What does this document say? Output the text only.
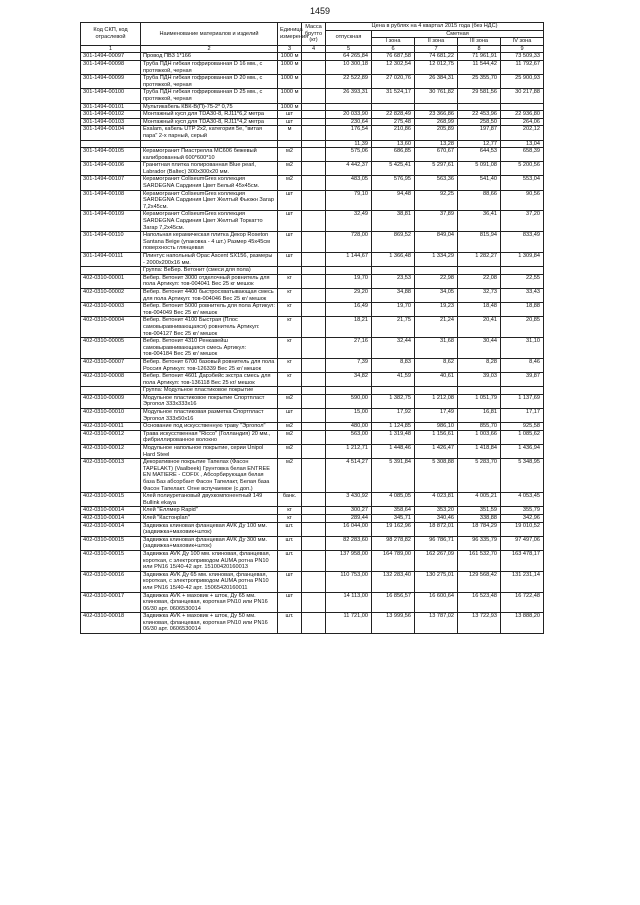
1459
Код СКП, код отраслевой	Наименование материалов и изделий	Единица измерения	Масса брутто (кг)	Цена в рублях на 4 квартал 2015 года (без НДС)				
				отпускная	Сметная			
					I зона	II зона	III зона	IV зона
1	2	3	4	5	6	7	8	9
301-1494-00097	Провод ПВ3 1*166	1000 м		64 265,84	76 687,58	74 681,22	71 961,91	73 509,33
301-1494-00098	Труба ПДН гибкая гофрированная D 16 мм., с протяжкой, черная	1000 м		10 300,18	12 302,54	12 012,75	11 544,42	11 792,67
301-1494-00099	Труба ПДН гибкая гофрированная D 20 мм., с протяжкой, черная	1000 м		22 522,89	27 020,76	26 384,31	25 355,70	25 900,93
301-1494-00100	Труба ПДН гибкая гофрированная D 25 мм., с протяжкой, черная	1000 м		26 393,31	31 524,17	30 761,82	29 581,56	30 217,88
301-1494-00101	Мультикабель КВК-В(П)-75-2* 0,75	1000 м						
301-1494-00102	Монтажный кусп для TDA30-8, RJ11*6,2 метра	шт		20 033,90	22 828,49	23 366,86	22 453,96	22 936,80
301-1494-00103	Монтажный кусп для TDA30-8, RJ11*4,2 метра	шт		230,64	275,48	268,99	258,50	264,06
301-1494-00104	Exalam, кабель UTP 2x2, категория 5е, "витая пара" 2-х парный, серый	м		176,54	210,86	205,89	197,87	202,12
				11,39	13,60	13,28	12,77	13,04
301-1494-00105	Керамогранит Пиастрелла MC606 бежевый калиброванный 600*600*10	м2		575,06	686,85	670,67	644,53	658,39
301-1494-00106	Гранитная плитка полированная Blue pearl, Labrador (Baltec) 300x300x20 мм.	м2		4 442,37	5 425,41	5 297,61	5 091,08	5 200,56
301-1494-00107	Керамогранит ColiseumGres коллекция SARDEGNA Сардиния Цвет Белый 45х45см.	м2		483,05	576,95	563,36	541,40	553,04
301-1494-00108	Керамогранит ColiseumGres коллекция SARDEGNA Сардиния Цвет Желтый Фьюжн Загар 7,2х45см.	шт		79,10	94,48	92,25	88,66	90,56
301-1494-00109	Керамогранит ColiseumGres коллекция SARDEGNA Сардиния Цвет Желтый Торкатто Загар 7,2х45см.	шт		32,49	38,81	37,89	36,41	37,20
301-1494-00110	Напольная керамическая плитка Декор Roseton Santana Beige (упаковка - 4 шт.) Размер 45х45см поверхность глянцевая	шт		728,00	869,52	849,04	815,94	833,49
301-1494-00111	Плинтус напольный Opac Ascent SX156, размеры - 2000x200x16 мм.	шт		1 144,67	1 366,48	1 334,29	1 282,27	1 309,84
	Группа: ВеБер. Ветонит (смеси для пола)							
402-0310-00001	Вебер. Ветонит 3000 отделочный ровнитель для пола Артикул: тов-004041 Вес 25 кг мешок	кг		19,70	23,53	22,98	22,08	22,55
402-0310-00002	Вебер. Ветонит 4400 быстросхватывающая смесь для пола Артикул: тов-004046 Вес 25 кг/ мешок	кг		29,20	34,88	34,05	32,73	33,43
402-0310-00003	Вебер. Ветонит 5000 ровнитель для пола Артикул: тов-004049 Вес 25 кг/ мешок	кг		16,49	19,70	19,23	18,48	18,88
402-0310-00004	Вебер. Ветонит 4100 Быстрая (Плос самовыравнивающаяся) ровнитель Артикул: тов-004127 Вес 25 кг/ мешок	кг		18,21	21,75	21,24	20,41	20,85
402-0310-00005	Вебер. Ветонит 4310 Ренкавейш самовыравнивающаяся смесь Артикул: тов-004184 Вес 25 кг/ мешок	кг		27,16	32,44	31,68	30,44	31,10
402-0310-00007	Вебер. Ветонит 6700 базовый ровнитель для пола Россия Артикул: тов-126339 Вес 25 кг/ мешок	кг		7,39	8,83	8,62	8,28	8,46
402-0310-00008	Вебер. Ветонит 4601 Дарэбейс экстра смесь для пола Артикул: тов-136118 Вес 25 кг/ мешок	кг		34,82	41,59	40,61	39,03	39,87
	Группа: Модульное пластиковое покрытие							
402-0310-00009	Модульное пластиковое покрытие Спортпласт Эргопол 333х333х16	м2		590,00	1 382,75	1 212,08	1 051,79	1 137,69
402-0310-00010	Модульное пластиковая разметка Спортпласт Эргопол 333х50х16	шт		15,00	17,92	17,49	16,81	17,17
402-0310-00011	Основание под искусственную траву "Эргопол"	м2		480,00	1 124,85	986,10	855,70	925,58
402-0310-00012	Трава искусственная "Ricco" (Голландия) 20 мм., фибриллированное волокно	м2		563,00	1 319,48	1 156,61	1 003,66	1 085,62
402-0310-00012	Модульное напольное покрытие, серии Unipol Hard Steel	м2		1 212,71	1 448,46	1 426,47	1 418,84	1 436,94
402-0310-00013	Декоративное покрытие Тапелах (Фасон TAPELAKT) (Vaalbeek) Грунтовка белая ENTREE EN MATIERE - COFIX , Абсорбирующая белая база Баз абсорбант Фасон Тапелакт, Белая база Фасон Тапелакт. Огне вспучаемое (с доп.)	м2		4 514,27	5 391,84	5 308,88	5 283,70	5 348,95
402-0310-00015	Клей полиуретановый двухкомпонентный 149 Bullink ekaya	банк.		3 430,92	4 085,05	4 023,81	4 005,21	4 053,45
402-0310-00014	Клей "Еллмер Rapid"	кг		300,27	358,64	353,20	351,59	355,79
402-0310-00014	Клей "Кастонplan"	кг		289,44	345,71	340,46	338,88	342,96
402-0310-00014	Задвижка клиновая фланцевая AVK Ду 100 мм. (задвижка+маховик+шток)	шт.		16 044,00	19 162,96	18 872,01	18 784,29	19 010,52
402-0310-00015	Задвижка клиновая фланцевая AVK Ду 300 мм. (задвижка+маховик+шток)	шт.		82 283,60	98 278,82	96 786,71	96 335,79	97 497,06
402-0310-00015	Задвижка AVK Ду 100 мм. клиновая, фланцевая, короткая, с электроприводом AUMA ротна PN10 или PN16 15/40-42 арт. 15100420160013	шт.		137 958,00	164 789,00	162 267,09	161 532,70	163 478,17
402-0310-00016	Задвижка AVK Ду 65 мм. клиновая, фланцевая, короткая, с электроприводом AUMA ротна PN10 или PN16 15/40-42 арт. 15065420160011	шт		110 753,00	132 283,40	130 275,01	129 568,42	131 231,14
402-0310-00017	Задвижка AVK + маховик + шток, Ду 65 мм. клиновая, фланцевая, короткая PN10 или PN16 06/30 арт. 0606530014	шт		14 113,00	16 856,57	16 600,64	16 523,48	16 722,48
402-0310-00018	Задвижка AVK + маховик + шток, Ду 50 мм. клиновая, фланцевая, короткая PN10 или PN16 06/30 арт. 0606530014	шт.		11 721,00	13 999,56	13 787,02	13 722,93	13 888,20
